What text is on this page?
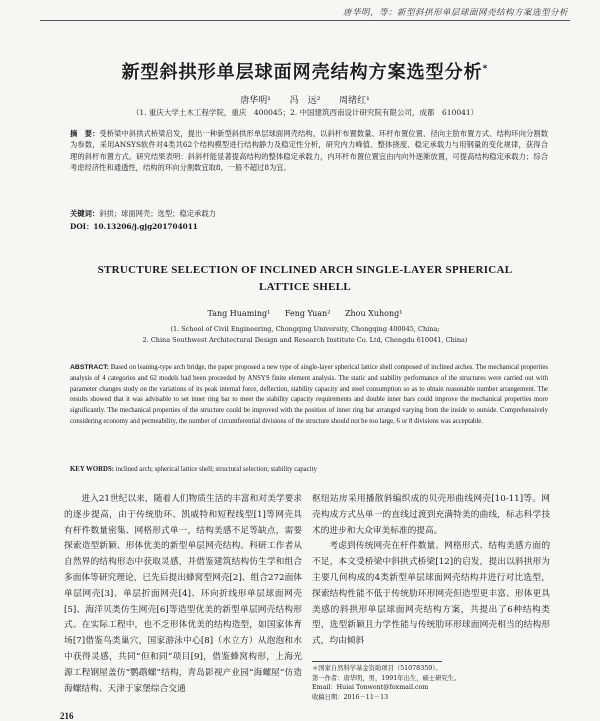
唐华明，等：新型斜拱形单层球面网壳结构方案选型分析
新型斜拱形单层球面网壳结构方案选型分析*
唐华明¹ 冯　远² 周绪红¹
（1. 重庆大学土木工程学院，重庆　400045；2. 中国建筑西南设计研究院有限公司，成都　610041）
摘　要：受桥梁中斜拱式桥梁启发，提出一种新型斜拱形单层球面网壳结构，以斜杆布置数量、环杆布置位置、径向主肋布置方式、结构环向分割数为参数，采用ANSYS软件对4类共62个结构模型进行结构静力及稳定性分析，研究内力峰值、整体挠度、稳定承载力与用钢量的变化规律，获得合理的斜杆布置方式。研究结果表明：斜斜杆能显著提高结构的整体稳定承载力，内环杆布置位置宜由内向外逐渐放置，可提高结构稳定承载力；综合考虑经济性和通透性，结构的环向分割数宜取8，一般不超过8为宜。
关键词：斜拱；球面网壳；选型；稳定承载力
DOI：10.13206/j.gjg201704011
STRUCTURE SELECTION OF INCLINED ARCH SINGLE-LAYER SPHERICAL
LATTICE SHELL
Tang Huaming¹ Feng Yuan² Zhou Xuhong¹
(1. School of Civil Engineering, Chongqing University, Chongqing 400045, China;
2. China Southwest Architectural Design and Research Institute Co. Ltd, Chengdu 610041, China)
ABSTRACT: Based on leaning-type arch bridge, the paper proposed a new type of single-layer spherical lattice shell composed of inclined arches. The mechanical properties analysis of 4 categories and 62 models had been proceeded by ANSYS finite element analysis. The static and stability performance of the structures were carried out with parameter changes study on the variations of its peak internal force, deflection, stability capacity and steel consumption so as to obtain reasonable number arrangement. The results showed that it was advisable to set inner ring bar to meet the stability capacity requirements and double inner bars could improve the mechanical properties more significantly. The mechanical properties of the structure could be improved with the position of inner ring bar arranged varying from the inside to outside. Comprehensively considering economy and permeability, the number of circumferential divisions of the structure should not be too large, 6 or 8 divisions was acceptable.
KEY WORDS: inclined arch; spherical lattice shell; structural selection; stability capacity

进入21世纪以来，随着人们物质生活的丰富和对美学要求的逐步提高，由于传统肋环、凯威特和短程线型[1]等网壳具有杆件数量密集、网格形式单一，结构美感不足等缺点，需要探索造型新颖、形体优美的新型单层网壳结构。科研工作者从自然界的结构形态中获取灵感，并借鉴建筑结构仿生学和组合多面体等研究理论，已先后提出蜂窝型网壳[2]、组合272面体单层网壳[3]、单层折面网壳[4]、环向折线形单层球面网壳[5]、海洋贝类仿生网壳[6]等造型优美的新型单层网壳结构形式。在实际工程中，也不乏形体优美的结构造型，如国家体育场[7]借鉴鸟类巢穴，国家游泳中心[8]（水立方）从泡泡和水中获得灵感，共同“但和同”项目[9]，借鉴蜂窝构形，上海光源工程钢屋盖仿“鹦鹉螺”结构，青岛影视产业园“海螺屋”仿造海螺结构、天津于家堡综合交通

枢纽站房采用播散斜编织成的贝壳形曲线网壳[10-11]等。网壳构成方式丛单一的直线过渡到充满特美的曲线，标志科学技术的进步和大众审美标准的提高。

考虑到传统网壳在杆件数量、网格形式、结构美感方面的不足，本文受桥梁中斜拱式桥梁[12]的启发，提出以斜拱形为主要几何构成的4类新型单层球面网壳结构并进行对比选型，探索结构性能不低于传统肋环形网壳但造型更丰富、形体更具美感的斜拱形单层球面网壳结构方案，共提出了6种结构类型，选型新颖且力学性能与传统肋环形球面网壳相当的结构形式，均由倾斜

＊国家自然科学基金资助项目（51078359）。
第一作者：唐华明，男，1991年出生，硕士研究生。
Email：Huiai Tonwent@foxmail.com
收稿日期：2016－11－13
216
